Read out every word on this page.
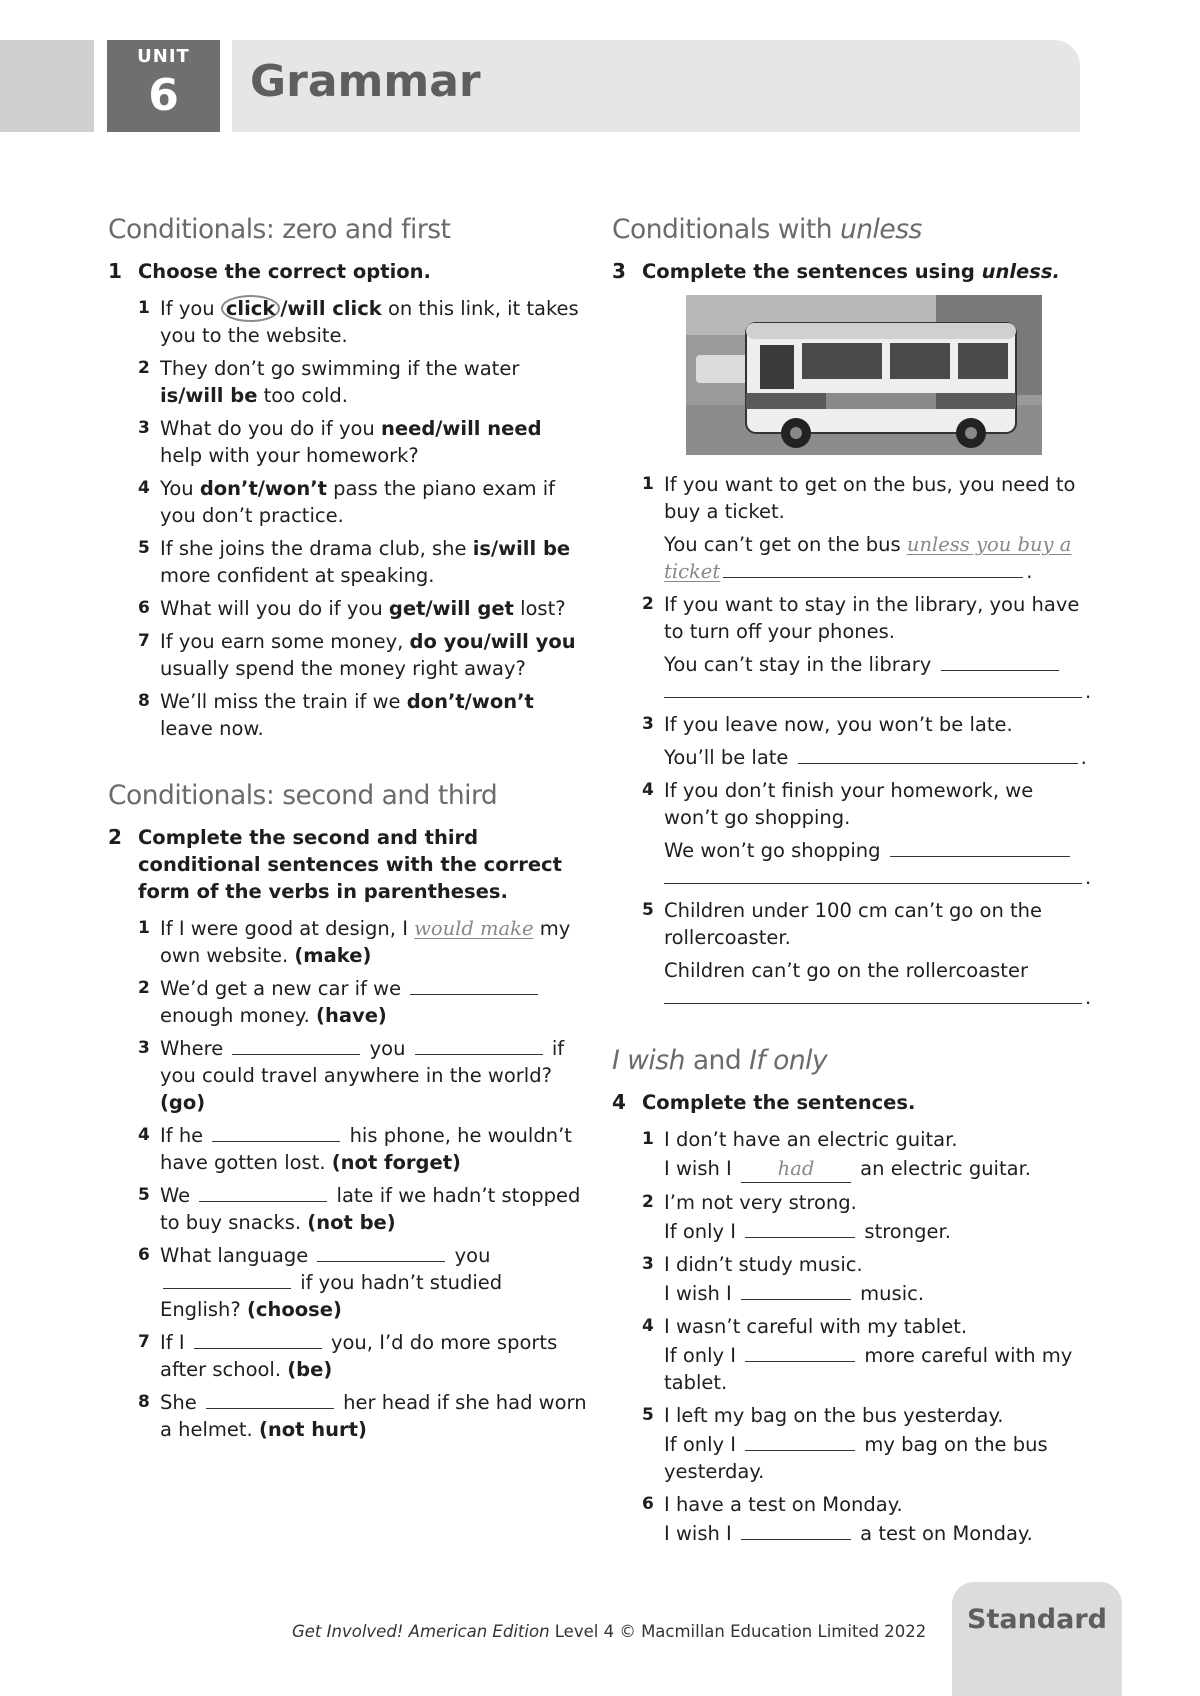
UNIT
6	Grammar
Conditionals: zero and first
1 Choose the correct option.
1 If you click /will click on this link, it takes you to the website.
2 They don’t go swimming if the water is/will be too cold.
3 What do you do if you need/will need help with your homework?
4 You don’t/won’t pass the piano exam if you don’t practice.
5 If she joins the drama club, she is/will be more confident at speaking.
6 What will you do if you get/will get lost?
7 If you earn some money, do you/will you usually spend the money right away?
8 We’ll miss the train if we don’t/won’t leave now.
Conditionals: second and third
2 Complete the second and third conditional sentences with the correct form of the verbs in parentheses.
1 If I were good at design, I would make my own website. (make)
2 We’d get a new car if we  enough money. (have)
3 Where	you	if you could travel anywhere in the world? (go)
4 If he	his phone, he wouldn’t have gotten lost. (not forget)
5 We	late if we hadn’t stopped to buy snacks. (not be)
6 What language	you  if you hadn’t studied English? (choose)
7 If I	you, I’d do more sports after school. (be)
8 She	her head if she had worn a helmet. (not hurt)
Conditionals with unless
3 Complete the sentences using unless.
1 If you want to get on the bus, you need to buy a ticket.
You can’t get on the bus unless you buy a ticket	.
2 If you want to stay in the library, you have to turn off your phones.
You can’t stay in the library
.
3 If you leave now, you won’t be late.
You’ll be late	.
4 If you don’t finish your homework, we won’t go shopping.
We won’t go shopping
.
5 Children under 100 cm can’t go on the rollercoaster.
Children can’t go on the rollercoaster
.
I wish and If only
4 Complete the sentences.
1 I don’t have an electric guitar.
I wish I had an electric guitar.
2 I’m not very strong.
If only I	stronger.
3 I didn’t study music.
I wish I	music.
4 I wasn’t careful with my tablet.
If only I	more careful with my tablet.
5 I left my bag on the bus yesterday.
If only I	my bag on the bus yesterday.
6 I have a test on Monday.
I wish I	a test on Monday.
Get Involved! American Edition Level 4 © Macmillan Education Limited 2022	Standard
